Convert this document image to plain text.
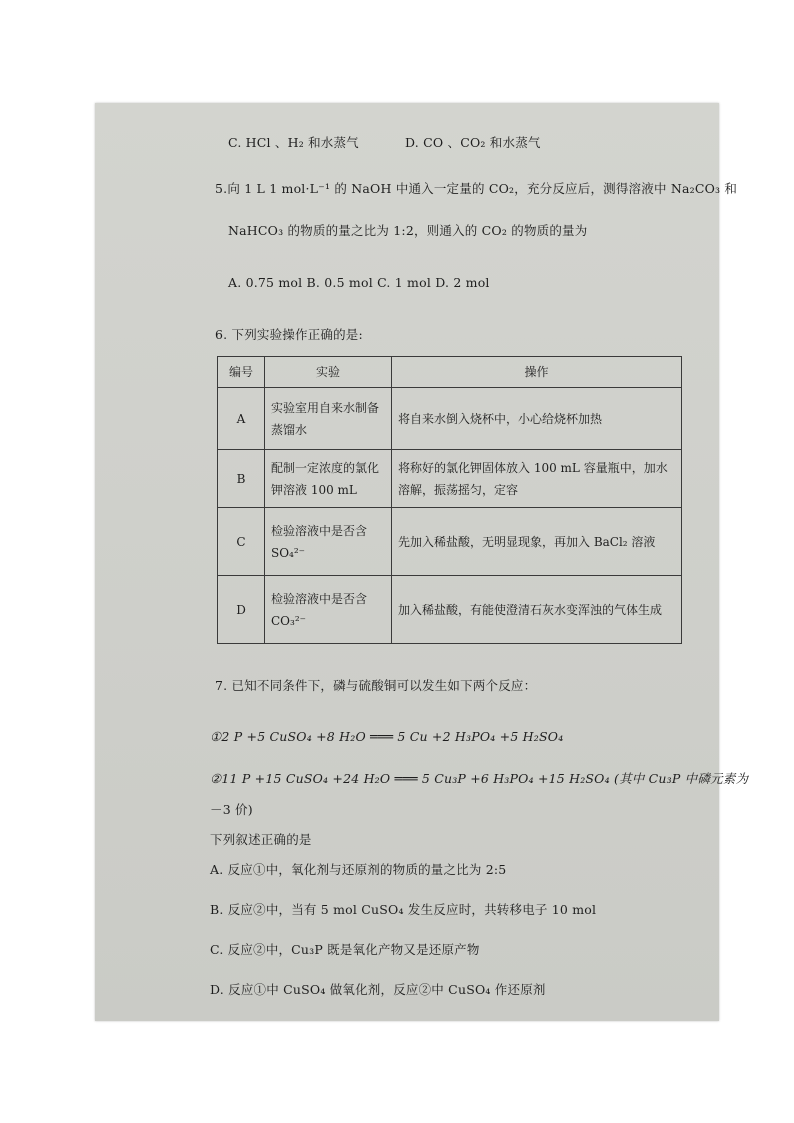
C. HCl 、H₂ 和水蒸气	D. CO 、CO₂ 和水蒸气
5.向 1 L 1 mol·L⁻¹ 的 NaOH 中通入一定量的 CO₂，充分反应后，测得溶液中 Na₂CO₃ 和
NaHCO₃ 的物质的量之比为 1:2，则通入的 CO₂ 的物质的量为
A. 0.75 mol B. 0.5 mol C. 1 mol D. 2 mol
6. 下列实验操作正确的是:
编号	实验	操作
A	实验室用自来水制备蒸馏水	将自来水倒入烧杯中，小心给烧杯加热
B	配制一定浓度的氯化钾溶液 100 mL	将称好的氯化钾固体放入 100 mL 容量瓶中，加水溶解，振荡摇匀，定容
C	检验溶液中是否含 SO₄²⁻	先加入稀盐酸，无明显现象，再加入 BaCl₂ 溶液
D	检验溶液中是否含 CO₃²⁻	加入稀盐酸，有能使澄清石灰水变浑浊的气体生成
7. 已知不同条件下，磷与硫酸铜可以发生如下两个反应：
①2 P +5 CuSO₄ +8 H₂O ═══ 5 Cu +2 H₃PO₄ +5 H₂SO₄
②11 P +15 CuSO₄ +24 H₂O ═══ 5 Cu₃P +6 H₃PO₄ +15 H₂SO₄ (其中 Cu₃P 中磷元素为
－3 价)
下列叙述正确的是
A. 反应①中，氧化剂与还原剂的物质的量之比为 2:5
B. 反应②中，当有 5 mol CuSO₄ 发生反应时，共转移电子 10 mol
C. 反应②中，Cu₃P 既是氧化产物又是还原产物
D. 反应①中 CuSO₄ 做氧化剂，反应②中 CuSO₄ 作还原剂
